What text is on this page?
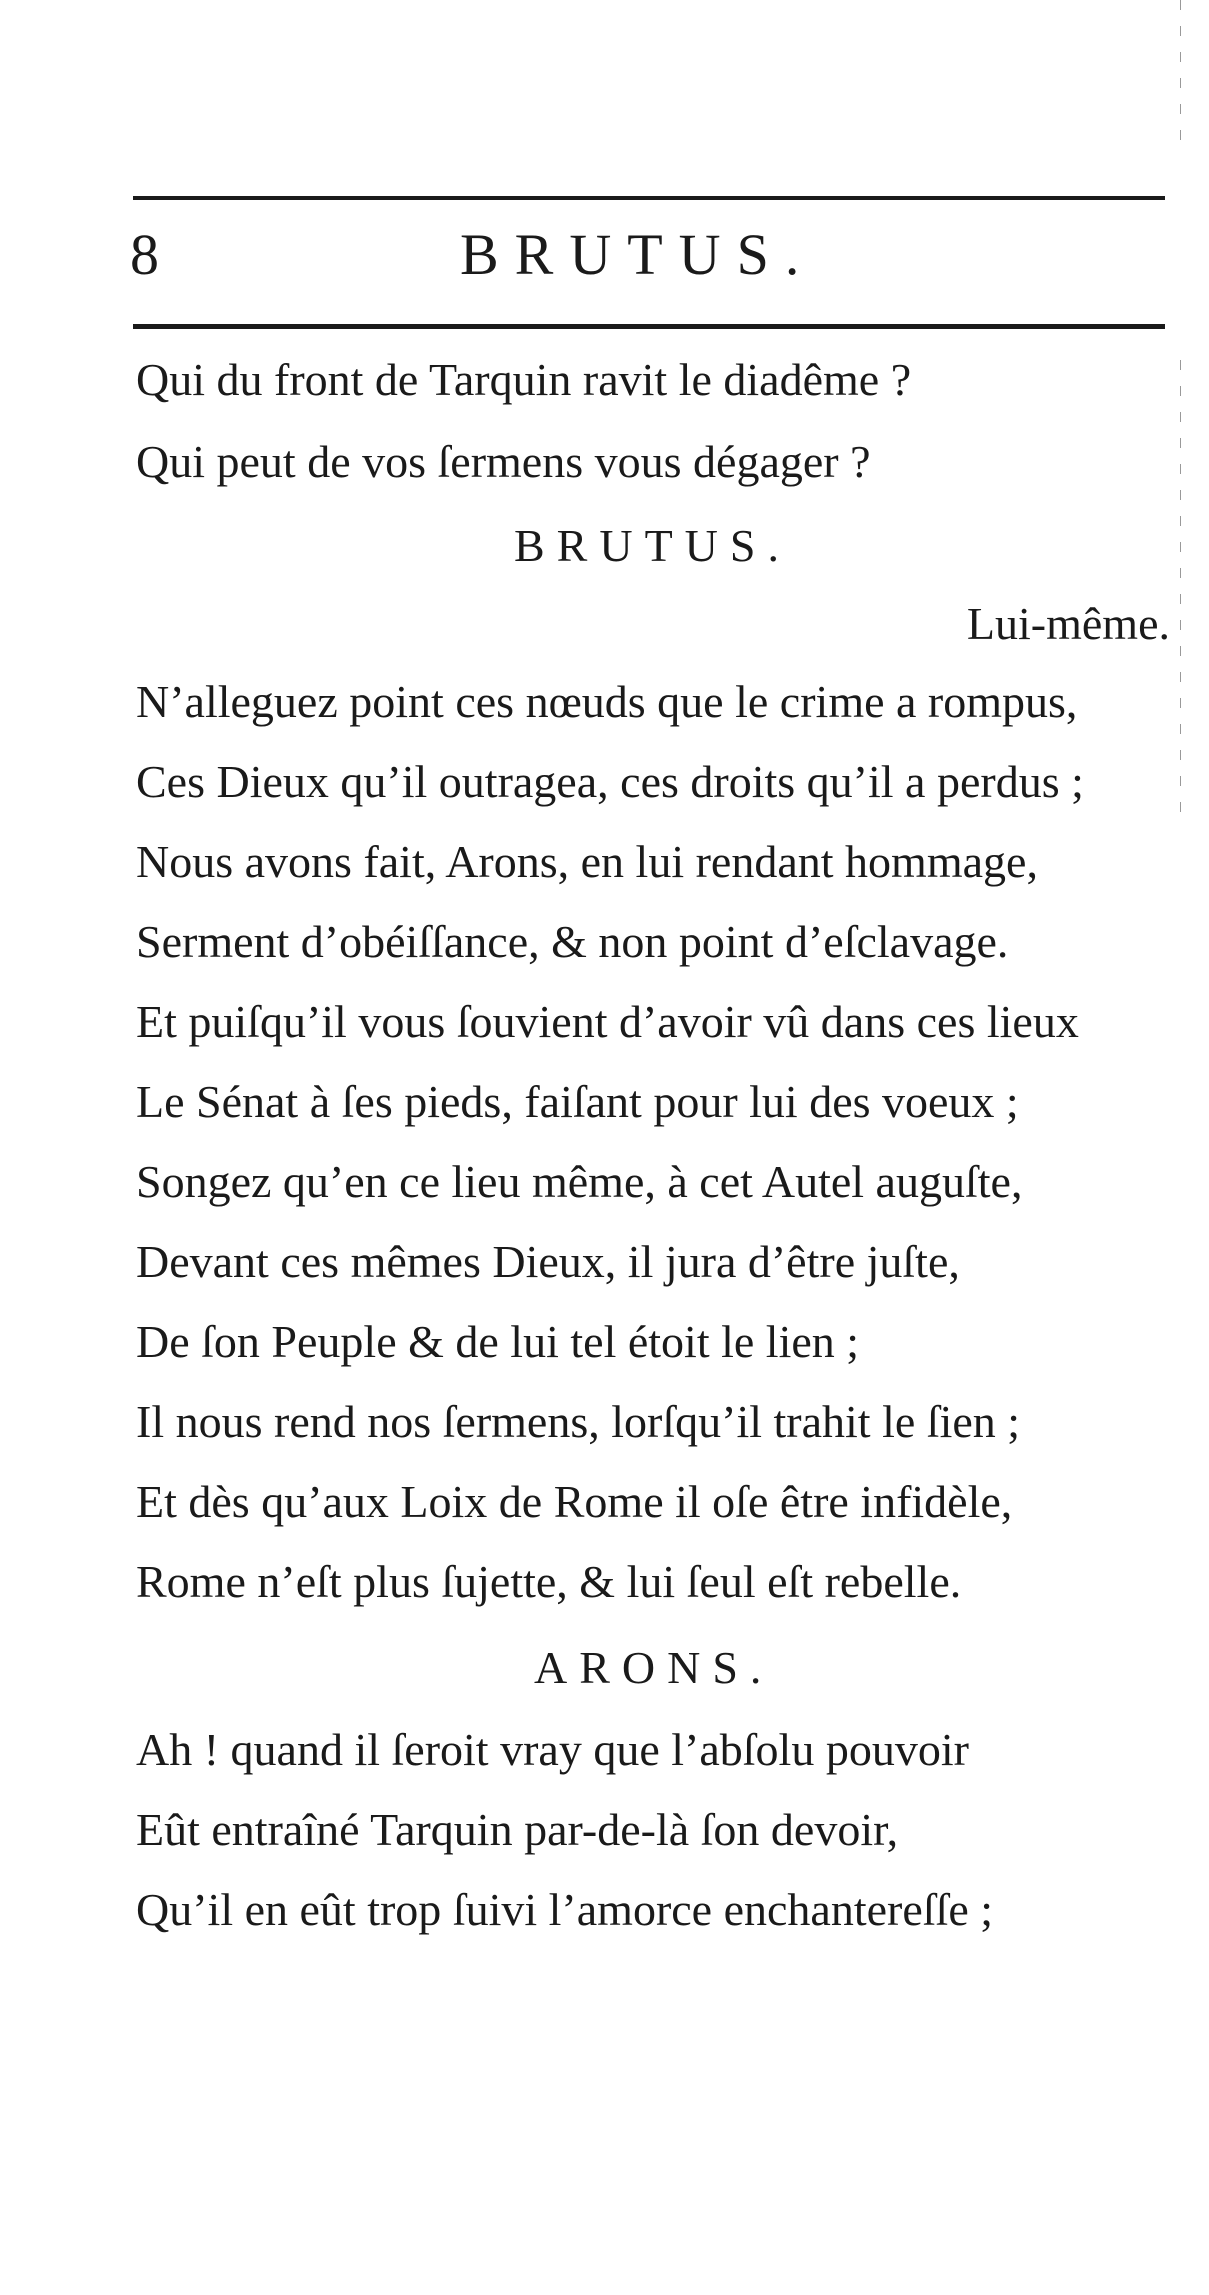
8	BRUTUS.
Qui du front de Tarquin ravit le diadême ?
Qui peut de vos ſermens vous dégager ?
BRUTUS.
Lui-même.
N’alleguez point ces nœuds que le crime a rompus,
Ces Dieux qu’il outragea, ces droits qu’il a perdus ;
Nous avons fait, Arons, en lui rendant hommage,
Serment d’obéiſſance, & non point d’eſclavage.
Et puiſqu’il vous ſouvient d’avoir vû dans ces lieux
Le Sénat à ſes pieds, faiſant pour lui des voeux ;
Songez qu’en ce lieu même, à cet Autel auguſte,
Devant ces mêmes Dieux, il jura d’être juſte,
De ſon Peuple & de lui tel étoit le lien ;
Il nous rend nos ſermens, lorſqu’il trahit le ſien ;
Et dès qu’aux Loix de Rome il oſe être infidèle,
Rome n’eſt plus ſujette, & lui ſeul eſt rebelle.
ARONS.
Ah ! quand il ſeroit vray que l’abſolu pouvoir
Eût entraîné Tarquin par-de-là ſon devoir,
Qu’il en eût trop ſuivi l’amorce enchantereſſe ;
